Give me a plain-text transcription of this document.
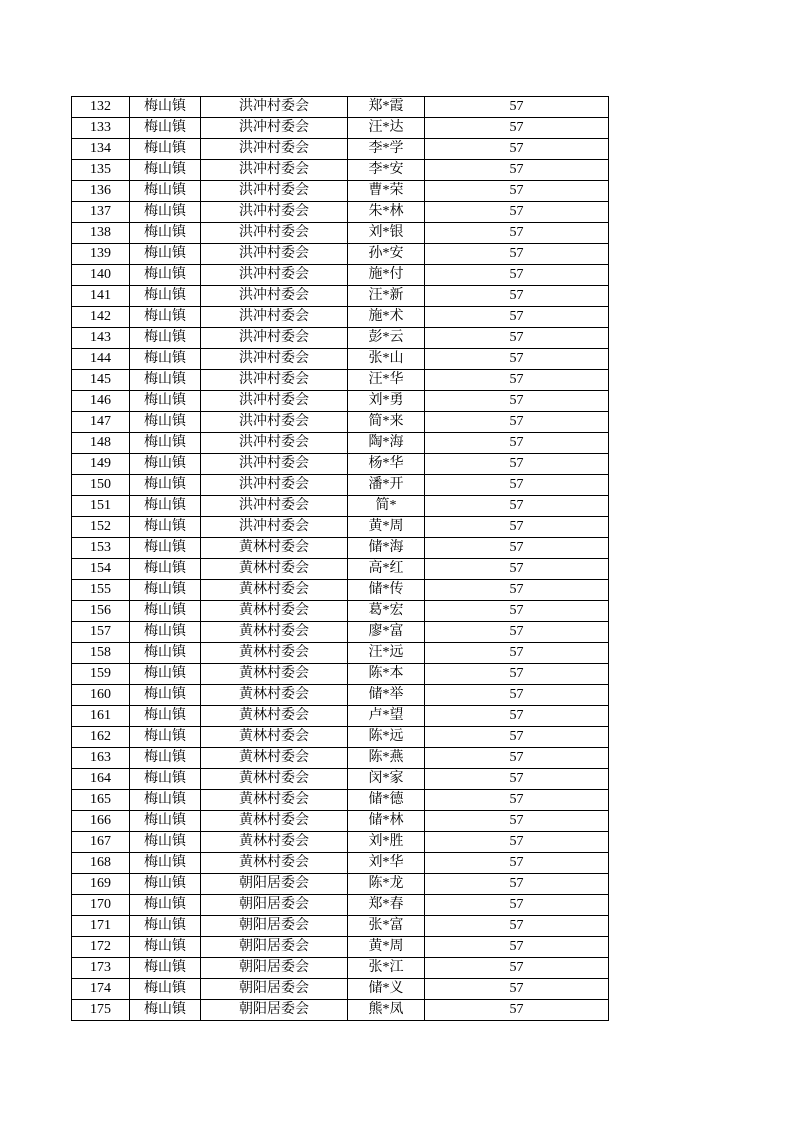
132	梅山镇	洪冲村委会	郑*霞	57
133	梅山镇	洪冲村委会	汪*达	57
134	梅山镇	洪冲村委会	李*学	57
135	梅山镇	洪冲村委会	李*安	57
136	梅山镇	洪冲村委会	曹*荣	57
137	梅山镇	洪冲村委会	朱*林	57
138	梅山镇	洪冲村委会	刘*银	57
139	梅山镇	洪冲村委会	孙*安	57
140	梅山镇	洪冲村委会	施*付	57
141	梅山镇	洪冲村委会	汪*新	57
142	梅山镇	洪冲村委会	施*术	57
143	梅山镇	洪冲村委会	彭*云	57
144	梅山镇	洪冲村委会	张*山	57
145	梅山镇	洪冲村委会	汪*华	57
146	梅山镇	洪冲村委会	刘*勇	57
147	梅山镇	洪冲村委会	简*来	57
148	梅山镇	洪冲村委会	陶*海	57
149	梅山镇	洪冲村委会	杨*华	57
150	梅山镇	洪冲村委会	潘*开	57
151	梅山镇	洪冲村委会	简*	57
152	梅山镇	洪冲村委会	黄*周	57
153	梅山镇	黄林村委会	储*海	57
154	梅山镇	黄林村委会	高*红	57
155	梅山镇	黄林村委会	储*传	57
156	梅山镇	黄林村委会	葛*宏	57
157	梅山镇	黄林村委会	廖*富	57
158	梅山镇	黄林村委会	汪*远	57
159	梅山镇	黄林村委会	陈*本	57
160	梅山镇	黄林村委会	储*举	57
161	梅山镇	黄林村委会	卢*望	57
162	梅山镇	黄林村委会	陈*远	57
163	梅山镇	黄林村委会	陈*燕	57
164	梅山镇	黄林村委会	闵*家	57
165	梅山镇	黄林村委会	储*德	57
166	梅山镇	黄林村委会	储*林	57
167	梅山镇	黄林村委会	刘*胜	57
168	梅山镇	黄林村委会	刘*华	57
169	梅山镇	朝阳居委会	陈*龙	57
170	梅山镇	朝阳居委会	郑*春	57
171	梅山镇	朝阳居委会	张*富	57
172	梅山镇	朝阳居委会	黄*周	57
173	梅山镇	朝阳居委会	张*江	57
174	梅山镇	朝阳居委会	储*义	57
175	梅山镇	朝阳居委会	熊*凤	57
